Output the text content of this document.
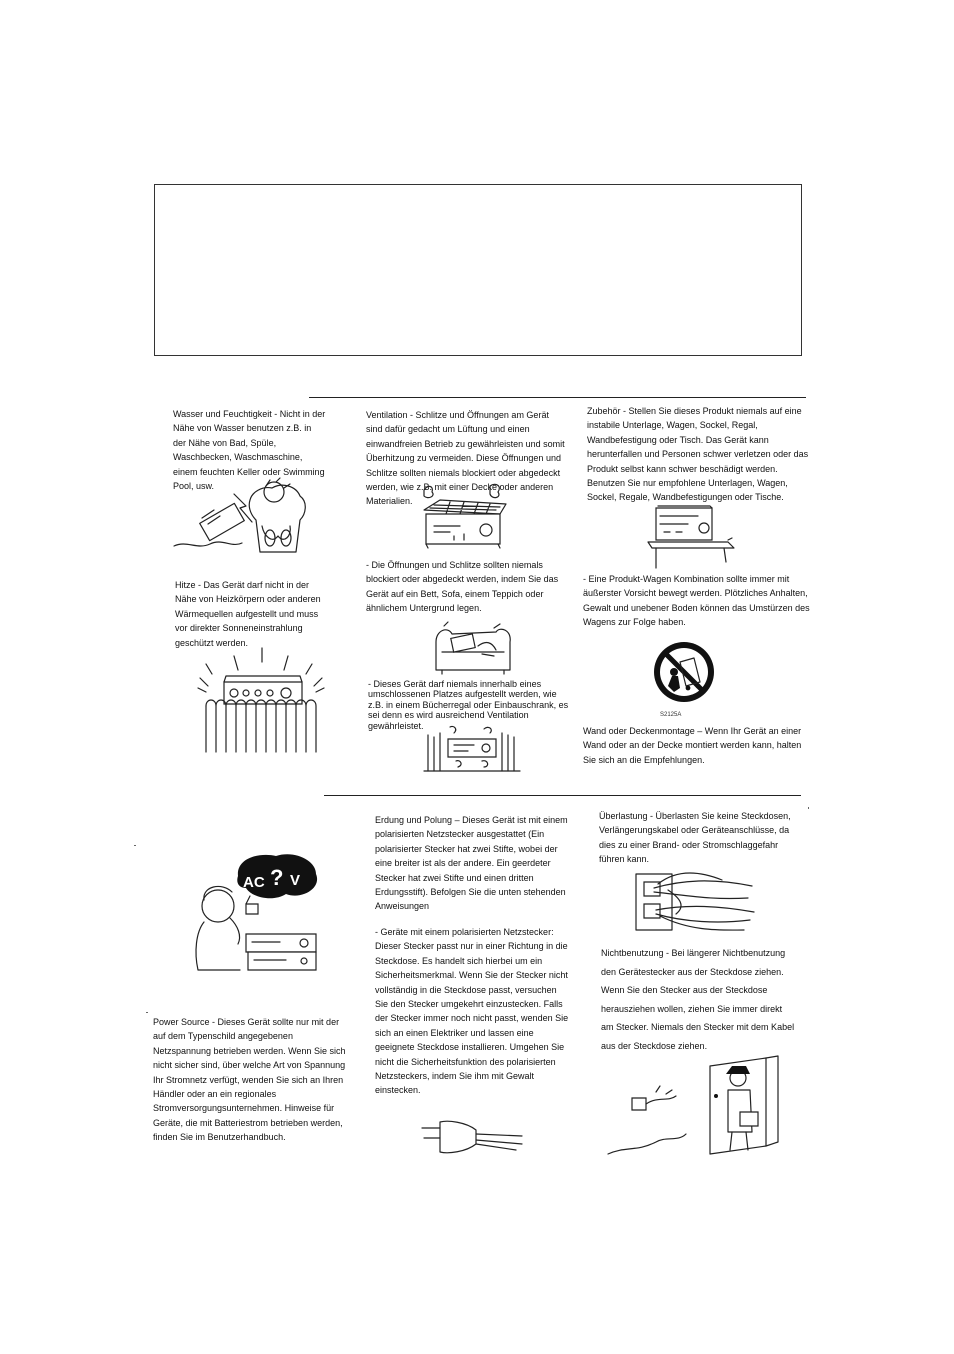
Wasser und Feuchtigkeit - Nicht in der
Nähe von Wasser benutzen z.B. in
der Nähe von Bad, Spüle,
Waschbecken, Waschmaschine,
einem feuchten Keller oder Swimming
Pool, usw.
Hitze - Das Gerät darf nicht in der
Nähe von Heizkörpern oder anderen
Wärmequellen aufgestellt und muss
vor direkter Sonneneinstrahlung
geschützt werden.
Ventilation - Schlitze und Öffnungen am Gerät
sind dafür gedacht um Lüftung und einen
einwandfreien Betrieb zu gewährleisten und somit
Überhitzung zu vermeiden. Diese Öffnungen und
Schlitze sollten niemals blockiert oder abgedeckt
werden, wie z.B. mit einer Decke oder anderen
Materialien.
- Die Öffnungen und Schlitze sollten niemals
blockiert oder abgedeckt werden, indem Sie das
Gerät auf ein Bett, Sofa, einem Teppich oder
ähnlichem Untergrund legen.
- Dieses Gerät darf niemals innerhalb eines
umschlossenen Platzes aufgestellt werden, wie
z.B. in einem Bücherregal oder Einbauschrank, es
sei denn es wird ausreichend Ventilation
gewährleistet.
Zubehör - Stellen Sie dieses Produkt niemals auf eine
instabile Unterlage, Wagen, Sockel, Regal,
Wandbefestigung oder Tisch. Das Gerät kann
herunterfallen und Personen schwer verletzen oder das
Produkt selbst kann schwer beschädigt werden.
Benutzen Sie nur empfohlene Unterlagen, Wagen,
Sockel, Regale, Wandbefestigungen oder Tische.
- Eine Produkt-Wagen Kombination sollte immer mit
äußerster Vorsicht bewegt werden. Plötzliches Anhalten,
Gewalt und unebener Boden können das Umstürzen des
Wagens zur Folge haben.
Wand oder Deckenmontage – Wenn Ihr Gerät an einer
Wand oder an der Decke montiert werden kann, halten
Sie sich an die Empfehlungen.
Power Source - Dieses Gerät sollte nur mit der
auf dem Typenschild angegebenen
Netzspannung betrieben werden. Wenn Sie sich
nicht sicher sind, über welche Art von Spannung
Ihr Stromnetz verfügt, wenden Sie sich an Ihren
Händler oder an ein regionales
Stromversorgungsunternehmen. Hinweise für
Geräte, die mit Batteriestrom betrieben werden,
finden Sie im Benutzerhandbuch.
Erdung und Polung – Dieses Gerät ist mit einem
polarisierten Netzstecker ausgestattet (Ein
polarisierter Stecker hat zwei Stifte, wobei der
eine breiter ist als der andere. Ein geerdeter
Stecker hat zwei Stifte und einen dritten
Erdungsstift). Befolgen Sie die unten stehenden
Anweisungen
- Geräte mit einem polarisierten Netzstecker:
Dieser Stecker passt nur in einer Richtung in die
Steckdose. Es handelt sich hierbei um ein
Sicherheitsmerkmal. Wenn Sie der Stecker nicht
vollständig in die Steckdose passt, versuchen
Sie den Stecker umgekehrt einzustecken. Falls
der Stecker immer noch nicht passt, wenden Sie
sich an einen Elektriker und lassen eine
geeignete Steckdose installieren. Umgehen Sie
nicht die Sicherheitsfunktion des polarisierten
Netzsteckers, indem Sie ihm mit Gewalt
einstecken.
Überlastung - Überlasten Sie keine Steckdosen,
Verlängerungskabel oder Geräteanschlüsse, da
dies zu einer Brand- oder Stromschlaggefahr
führen kann.
Nichtbenutzung - Bei längerer Nichtbenutzung
den Gerätestecker aus der Steckdose ziehen.
Wenn Sie den Stecker aus der Steckdose
herausziehen wollen, ziehen Sie immer direkt
am Stecker. Niemals den Stecker mit dem Kabel
aus der Steckdose ziehen.
S2125A
AC ? V
